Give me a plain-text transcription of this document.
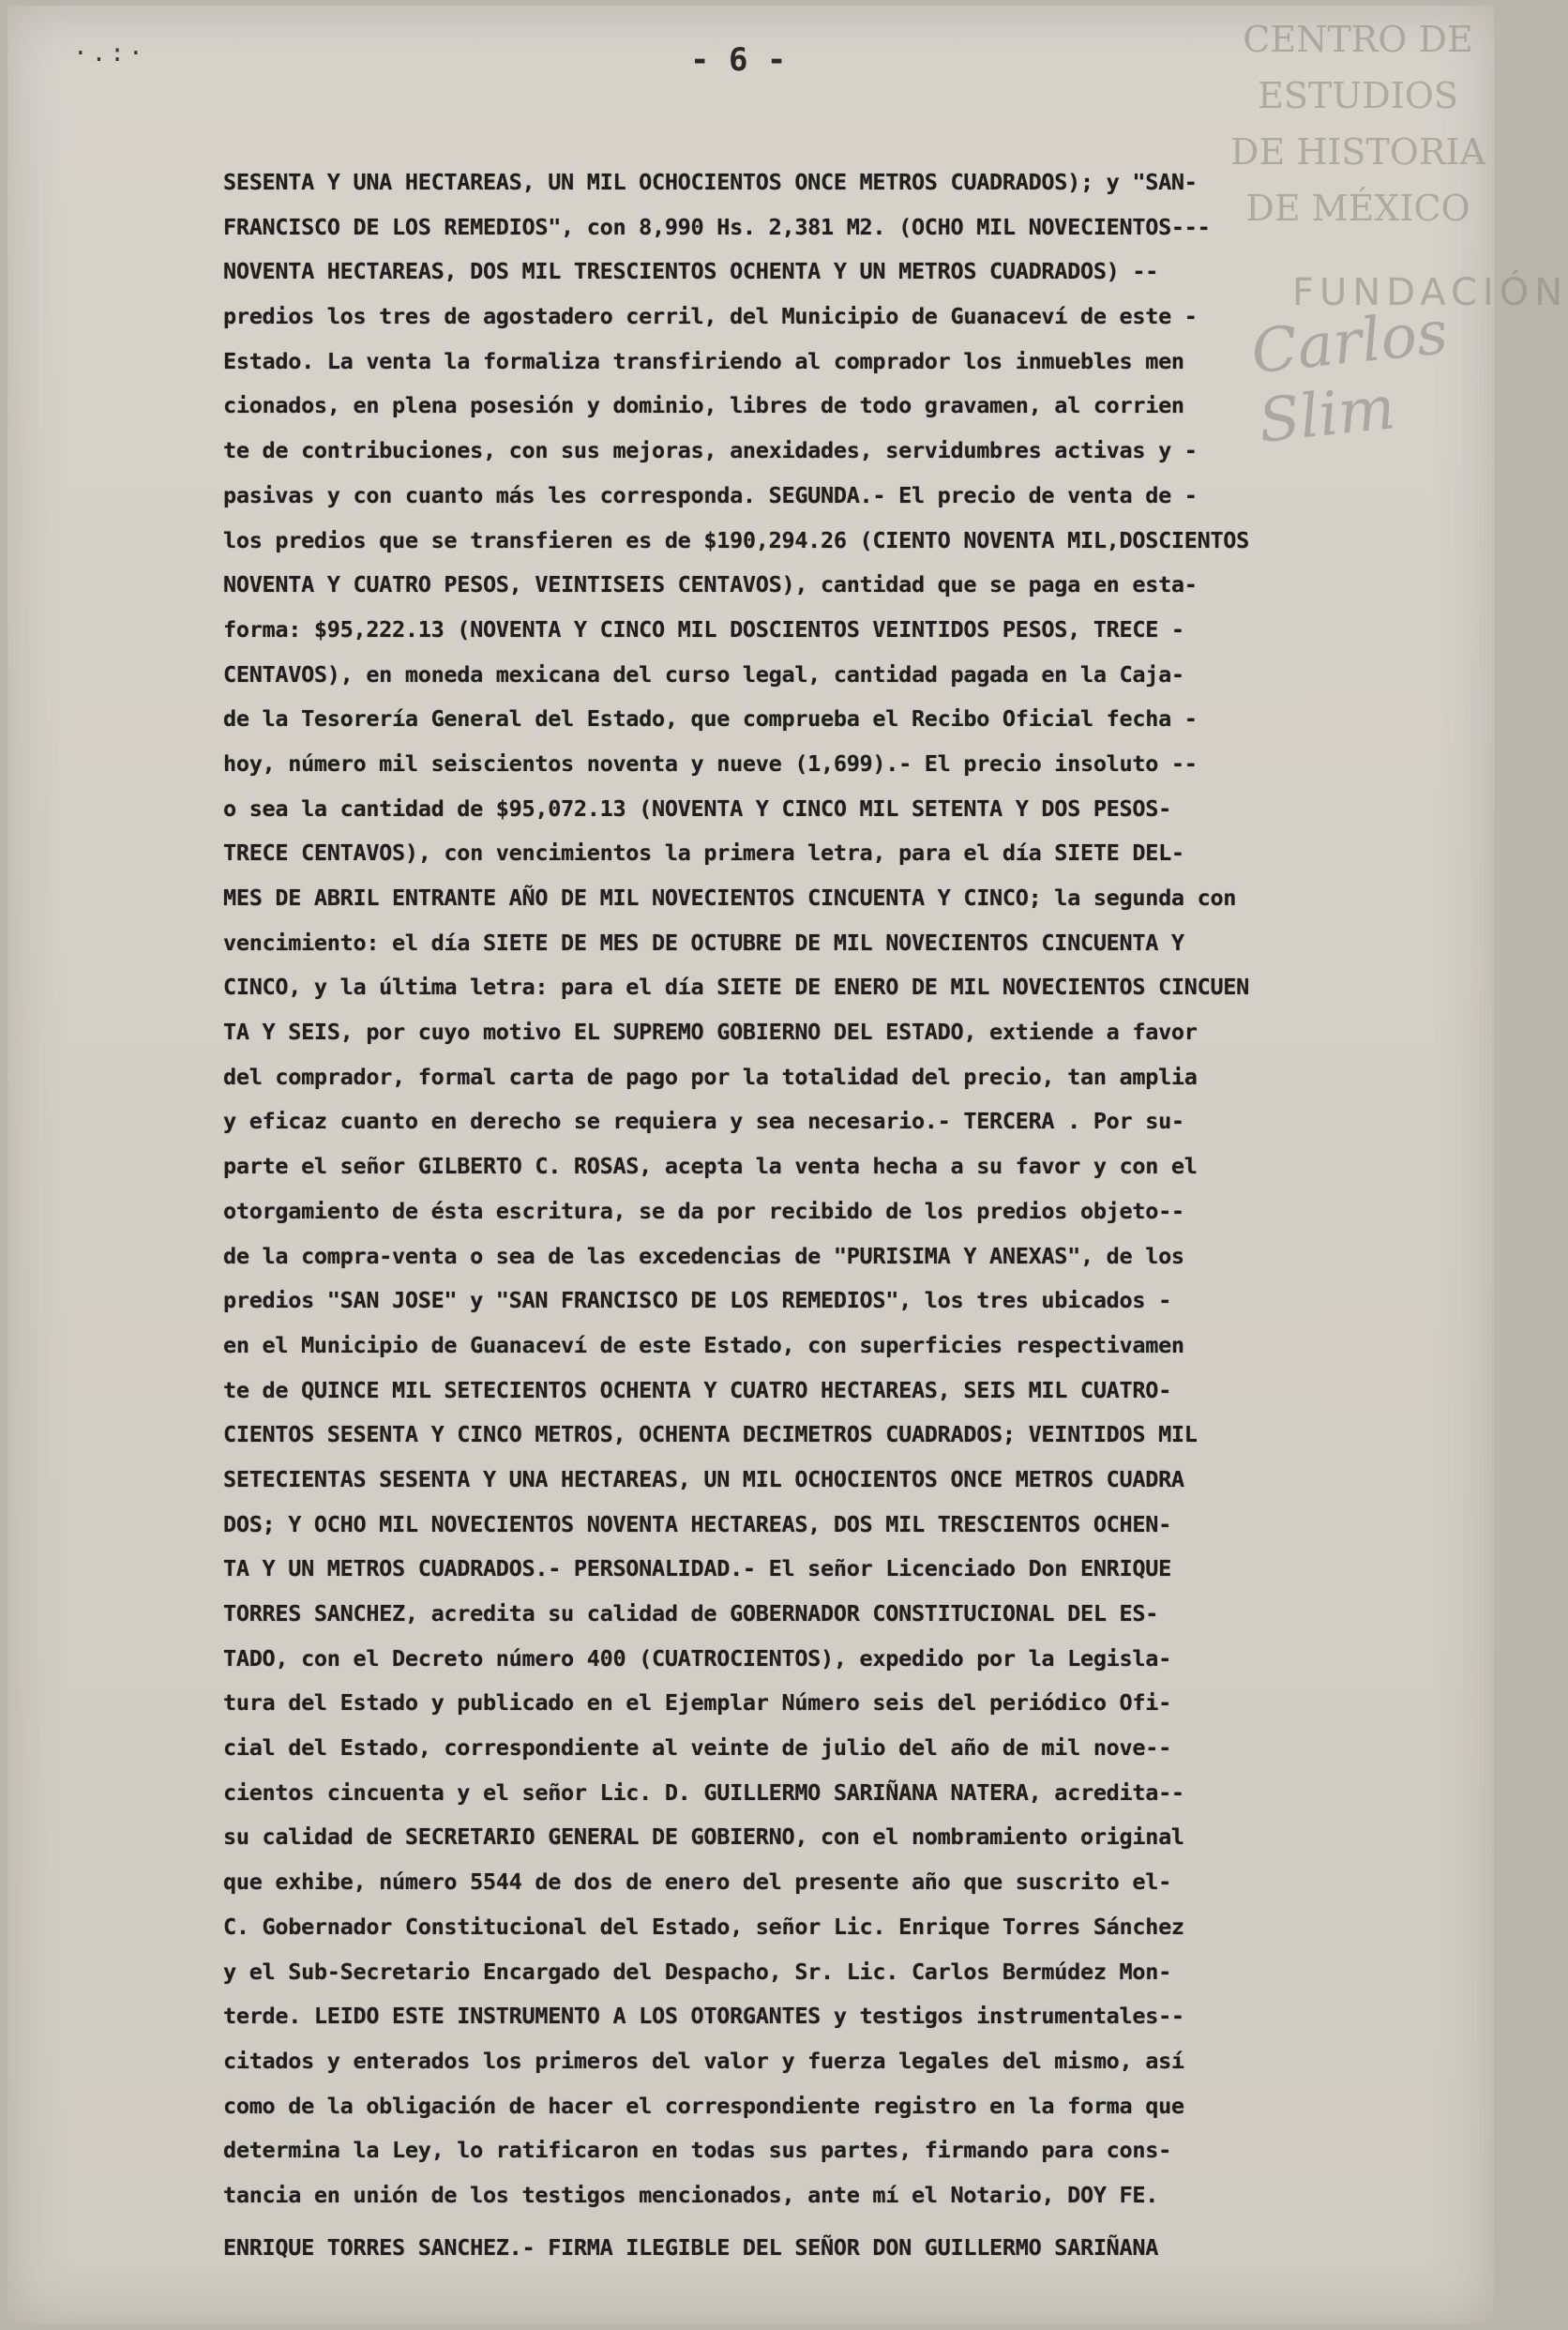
·.:·	- 6 -	CENTRO DE
ESTUDIOS
DE HISTORIA
DE MÉXICO
FUNDACIÓN
Carlos Slim
SESENTA Y UNA HECTAREAS, UN MIL OCHOCIENTOS ONCE METROS CUADRADOS); y "SAN-
FRANCISCO DE LOS REMEDIOS", con 8,990 Hs. 2,381 M2. (OCHO MIL NOVECIENTOS---
NOVENTA HECTAREAS, DOS MIL TRESCIENTOS OCHENTA Y UN METROS CUADRADOS) --
predios los tres de agostadero cerril, del Municipio de Guanaceví de este -
Estado. La venta la formaliza transfiriendo al comprador los inmuebles men
cionados, en plena posesión y dominio, libres de todo gravamen, al corrien
te de contribuciones, con sus mejoras, anexidades, servidumbres activas y -
pasivas y con cuanto más les corresponda. SEGUNDA.- El precio de venta de -
los predios que se transfieren es de $190,294.26 (CIENTO NOVENTA MIL,DOSCIENTOS
NOVENTA Y CUATRO PESOS, VEINTISEIS CENTAVOS), cantidad que se paga en esta-
forma: $95,222.13 (NOVENTA Y CINCO MIL DOSCIENTOS VEINTIDOS PESOS, TRECE -
CENTAVOS), en moneda mexicana del curso legal, cantidad pagada en la Caja-
de la Tesorería General del Estado, que comprueba el Recibo Oficial fecha -
hoy, número mil seiscientos noventa y nueve (1,699).- El precio insoluto --
o sea la cantidad de $95,072.13 (NOVENTA Y CINCO MIL SETENTA Y DOS PESOS-
TRECE CENTAVOS), con vencimientos la primera letra, para el día SIETE DEL-
MES DE ABRIL ENTRANTE AÑO DE MIL NOVECIENTOS CINCUENTA Y CINCO; la segunda con
vencimiento: el día SIETE DE MES DE OCTUBRE DE MIL NOVECIENTOS CINCUENTA Y
CINCO, y la última letra: para el día SIETE DE ENERO DE MIL NOVECIENTOS CINCUEN
TA Y SEIS, por cuyo motivo EL SUPREMO GOBIERNO DEL ESTADO, extiende a favor
del comprador, formal carta de pago por la totalidad del precio, tan amplia
y eficaz cuanto en derecho se requiera y sea necesario.- TERCERA . Por su-
parte el señor GILBERTO C. ROSAS, acepta la venta hecha a su favor y con el
otorgamiento de ésta escritura, se da por recibido de los predios objeto--
de la compra-venta o sea de las excedencias de "PURISIMA Y ANEXAS", de los
predios "SAN JOSE" y "SAN FRANCISCO DE LOS REMEDIOS", los tres ubicados -
en el Municipio de Guanaceví de este Estado, con superficies respectivamen
te de QUINCE MIL SETECIENTOS OCHENTA Y CUATRO HECTAREAS, SEIS MIL CUATRO-
CIENTOS SESENTA Y CINCO METROS, OCHENTA DECIMETROS CUADRADOS; VEINTIDOS MIL
SETECIENTAS SESENTA Y UNA HECTAREAS, UN MIL OCHOCIENTOS ONCE METROS CUADRA
DOS; Y OCHO MIL NOVECIENTOS NOVENTA HECTAREAS, DOS MIL TRESCIENTOS OCHEN-
TA Y UN METROS CUADRADOS.- PERSONALIDAD.- El señor Licenciado Don ENRIQUE
TORRES SANCHEZ, acredita su calidad de GOBERNADOR CONSTITUCIONAL DEL ES-
TADO, con el Decreto número 400 (CUATROCIENTOS), expedido por la Legisla-
tura del Estado y publicado en el Ejemplar Número seis del periódico Ofi-
cial del Estado, correspondiente al veinte de julio del año de mil nove--
cientos cincuenta y el señor Lic. D. GUILLERMO SARIÑANA NATERA, acredita--
su calidad de SECRETARIO GENERAL DE GOBIERNO, con el nombramiento original
que exhibe, número 5544 de dos de enero del presente año que suscrito el-
C. Gobernador Constitucional del Estado, señor Lic. Enrique Torres Sánchez
y el Sub-Secretario Encargado del Despacho, Sr. Lic. Carlos Bermúdez Mon-
terde. LEIDO ESTE INSTRUMENTO A LOS OTORGANTES y testigos instrumentales--
citados y enterados los primeros del valor y fuerza legales del mismo, así
como de la obligación de hacer el correspondiente registro en la forma que
determina la Ley, lo ratificaron en todas sus partes, firmando para cons-
tancia en unión de los testigos mencionados, ante mí el Notario, DOY FE.
ENRIQUE TORRES SANCHEZ.- FIRMA ILEGIBLE DEL SEÑOR DON GUILLERMO SARIÑANA
